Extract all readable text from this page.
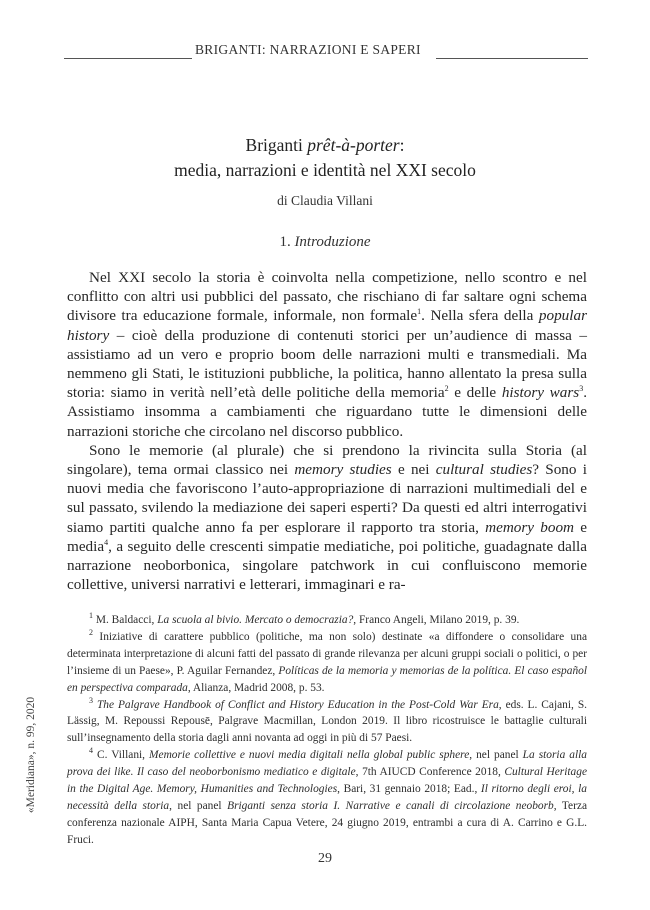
BRIGANTI: NARRAZIONI E SAPERI
Briganti prêt-à-porter:
media, narrazioni e identità nel XXI secolo
di Claudia Villani
1. Introduzione

Nel XXI secolo la storia è coinvolta nella competizione, nello scontro e nel conflitto con altri usi pubblici del passato, che rischiano di far saltare ogni schema divisore tra educazione formale, informale, non formale$^1$. Nella sfera della popular history – cioè della produzione di contenuti storici per un’audience di massa – assistiamo ad un vero e proprio boom delle narrazioni multi e transmediali. Ma nemmeno gli Stati, le istituzioni pubbliche, la politica, hanno allentato la presa sulla storia: siamo in verità nell’età delle politiche della memoria$^2$ e delle history wars$^3$. Assistiamo insomma a cambiamenti che riguardano tutte le dimensioni delle narrazioni storiche che circolano nel discorso pubblico.

Sono le memorie (al plurale) che si prendono la rivincita sulla Storia (al singolare), tema ormai classico nei memory studies e nei cultural studies? Sono i nuovi media che favoriscono l’auto-appropriazione di narrazioni multimediali del e sul passato, svilendo la mediazione dei saperi esperti? Da questi ed altri interrogativi siamo partiti qualche anno fa per esplorare il rapporto tra storia, memory boom e media$^4$, a seguito delle crescenti simpatie mediatiche, poi politiche, guadagnate dalla narrazione neoborbonica, singolare patchwork in cui confluiscono memorie collettive, universi narrativi e letterari, immaginari e ra-

$^1$ M. Baldacci, La scuola al bivio. Mercato o democrazia?, Franco Angeli, Milano 2019, p. 39.

$^2$ Iniziative di carattere pubblico (politiche, ma non solo) destinate «a diffondere o consolidare una determinata interpretazione di alcuni fatti del passato di grande rilevanza per alcuni gruppi sociali o politici, o per l’insieme di un Paese», P. Aguilar Fernandez, Políticas de la memoria y memorias de la política. El caso español en perspectiva comparada, Alianza, Madrid 2008, p. 53.

$^3$ The Palgrave Handbook of Conflict and History Education in the Post-Cold War Era, eds. L. Cajani, S. Lässig, M. Repoussi Repousē, Palgrave Macmillan, London 2019. Il libro ricostruisce le battaglie culturali sull’insegnamento della storia dagli anni novanta ad oggi in più di 57 Paesi.

$^4$ C. Villani, Memorie collettive e nuovi media digitali nella global public sphere, nel panel La storia alla prova dei like. Il caso del neoborbonismo mediatico e digitale, 7th AIUCD Conference 2018, Cultural Heritage in the Digital Age. Memory, Humanities and Technologies, Bari, 31 gennaio 2018; Ead., Il ritorno degli eroi, la necessità della storia, nel panel Briganti senza storia I. Narrative e canali di circolazione neoborb, Terza conferenza nazionale AIPH, Santa Maria Capua Vetere, 24 giugno 2019, entrambi a cura di A. Carrino e G.L. Fruci.

«Meridiana», n. 99, 2020
29
